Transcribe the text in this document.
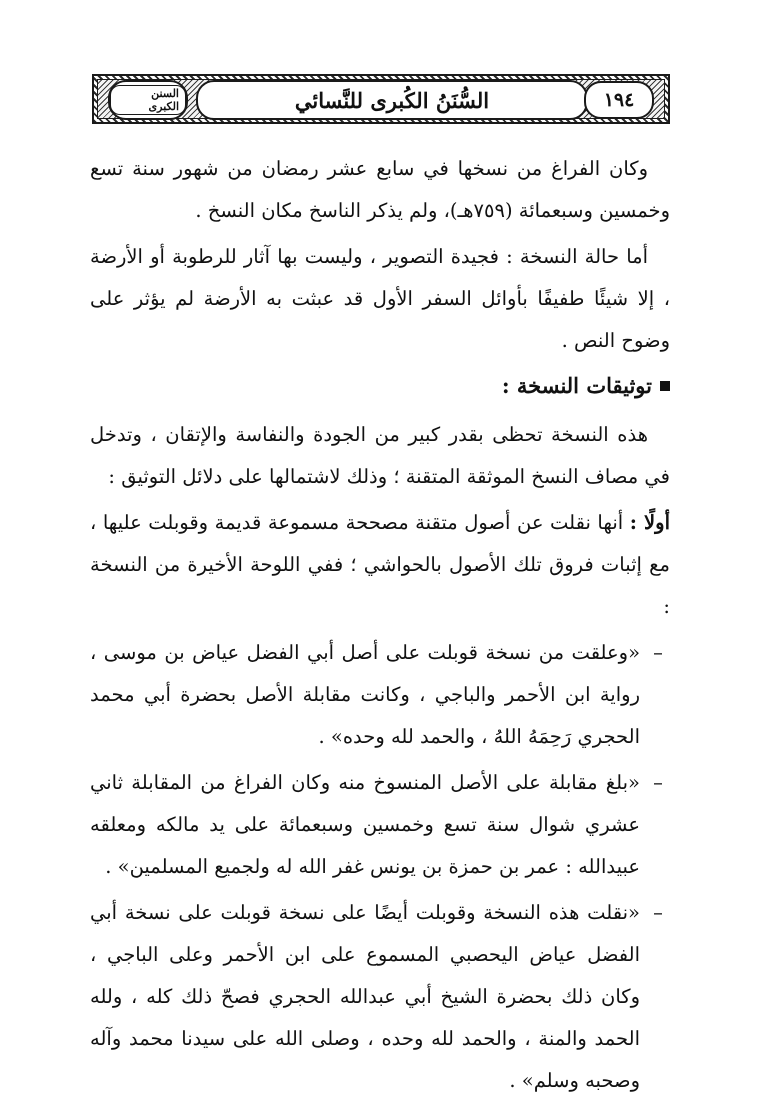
السنن الكبرى	السُّنَنُ الكُبرى للنَّسائي	١٩٤

وكان الفراغ من نسخها في سابع عشر رمضان من شهور سنة تسع وخمسين وسبعمائة (٧٥٩هـ)، ولم يذكر الناسخ مكان النسخ .

أما حالة النسخة : فجيدة التصوير ، وليست بها آثار للرطوبة أو الأرضة ، إلا شيئًا طفيفًا بأوائل السفر الأول قد عبثت به الأرضة لم يؤثر على وضوح النص .

توثيقات النسخة :

هذه النسخة تحظى بقدر كبير من الجودة والنفاسة والإتقان ، وتدخل في مصاف النسخ الموثقة المتقنة ؛ وذلك لاشتمالها على دلائل التوثيق :

أولًا : أنها نقلت عن أصول متقنة مصححة مسموعة قديمة وقوبلت عليها ، مع إثبات فروق تلك الأصول بالحواشي ؛ ففي اللوحة الأخيرة من النسخة :

–
«وعلقت من نسخة قوبلت على أصل أبي الفضل عياض بن موسى ، رواية ابن الأحمر والباجي ، وكانت مقابلة الأصل بحضرة أبي محمد الحجري رَحِمَهُ اللهُ ، والحمد لله وحده» .
–
«بلغ مقابلة على الأصل المنسوخ منه وكان الفراغ من المقابلة ثاني عشري شوال سنة تسع وخمسين وسبعمائة على يد مالكه ومعلقه عبيدالله : عمر بن حمزة بن يونس غفر الله له ولجميع المسلمين» .
–
«نقلت هذه النسخة وقوبلت أيضًا على نسخة قوبلت على نسخة أبي الفضل عياض اليحصبي المسموع على ابن الأحمر وعلى الباجي ، وكان ذلك بحضرة الشيخ أبي عبدالله الحجري فصحّ ذلك كله ، ولله الحمد والمنة ، والحمد لله وحده ، وصلى الله على سيدنا محمد وآله وصحبه وسلم» .
